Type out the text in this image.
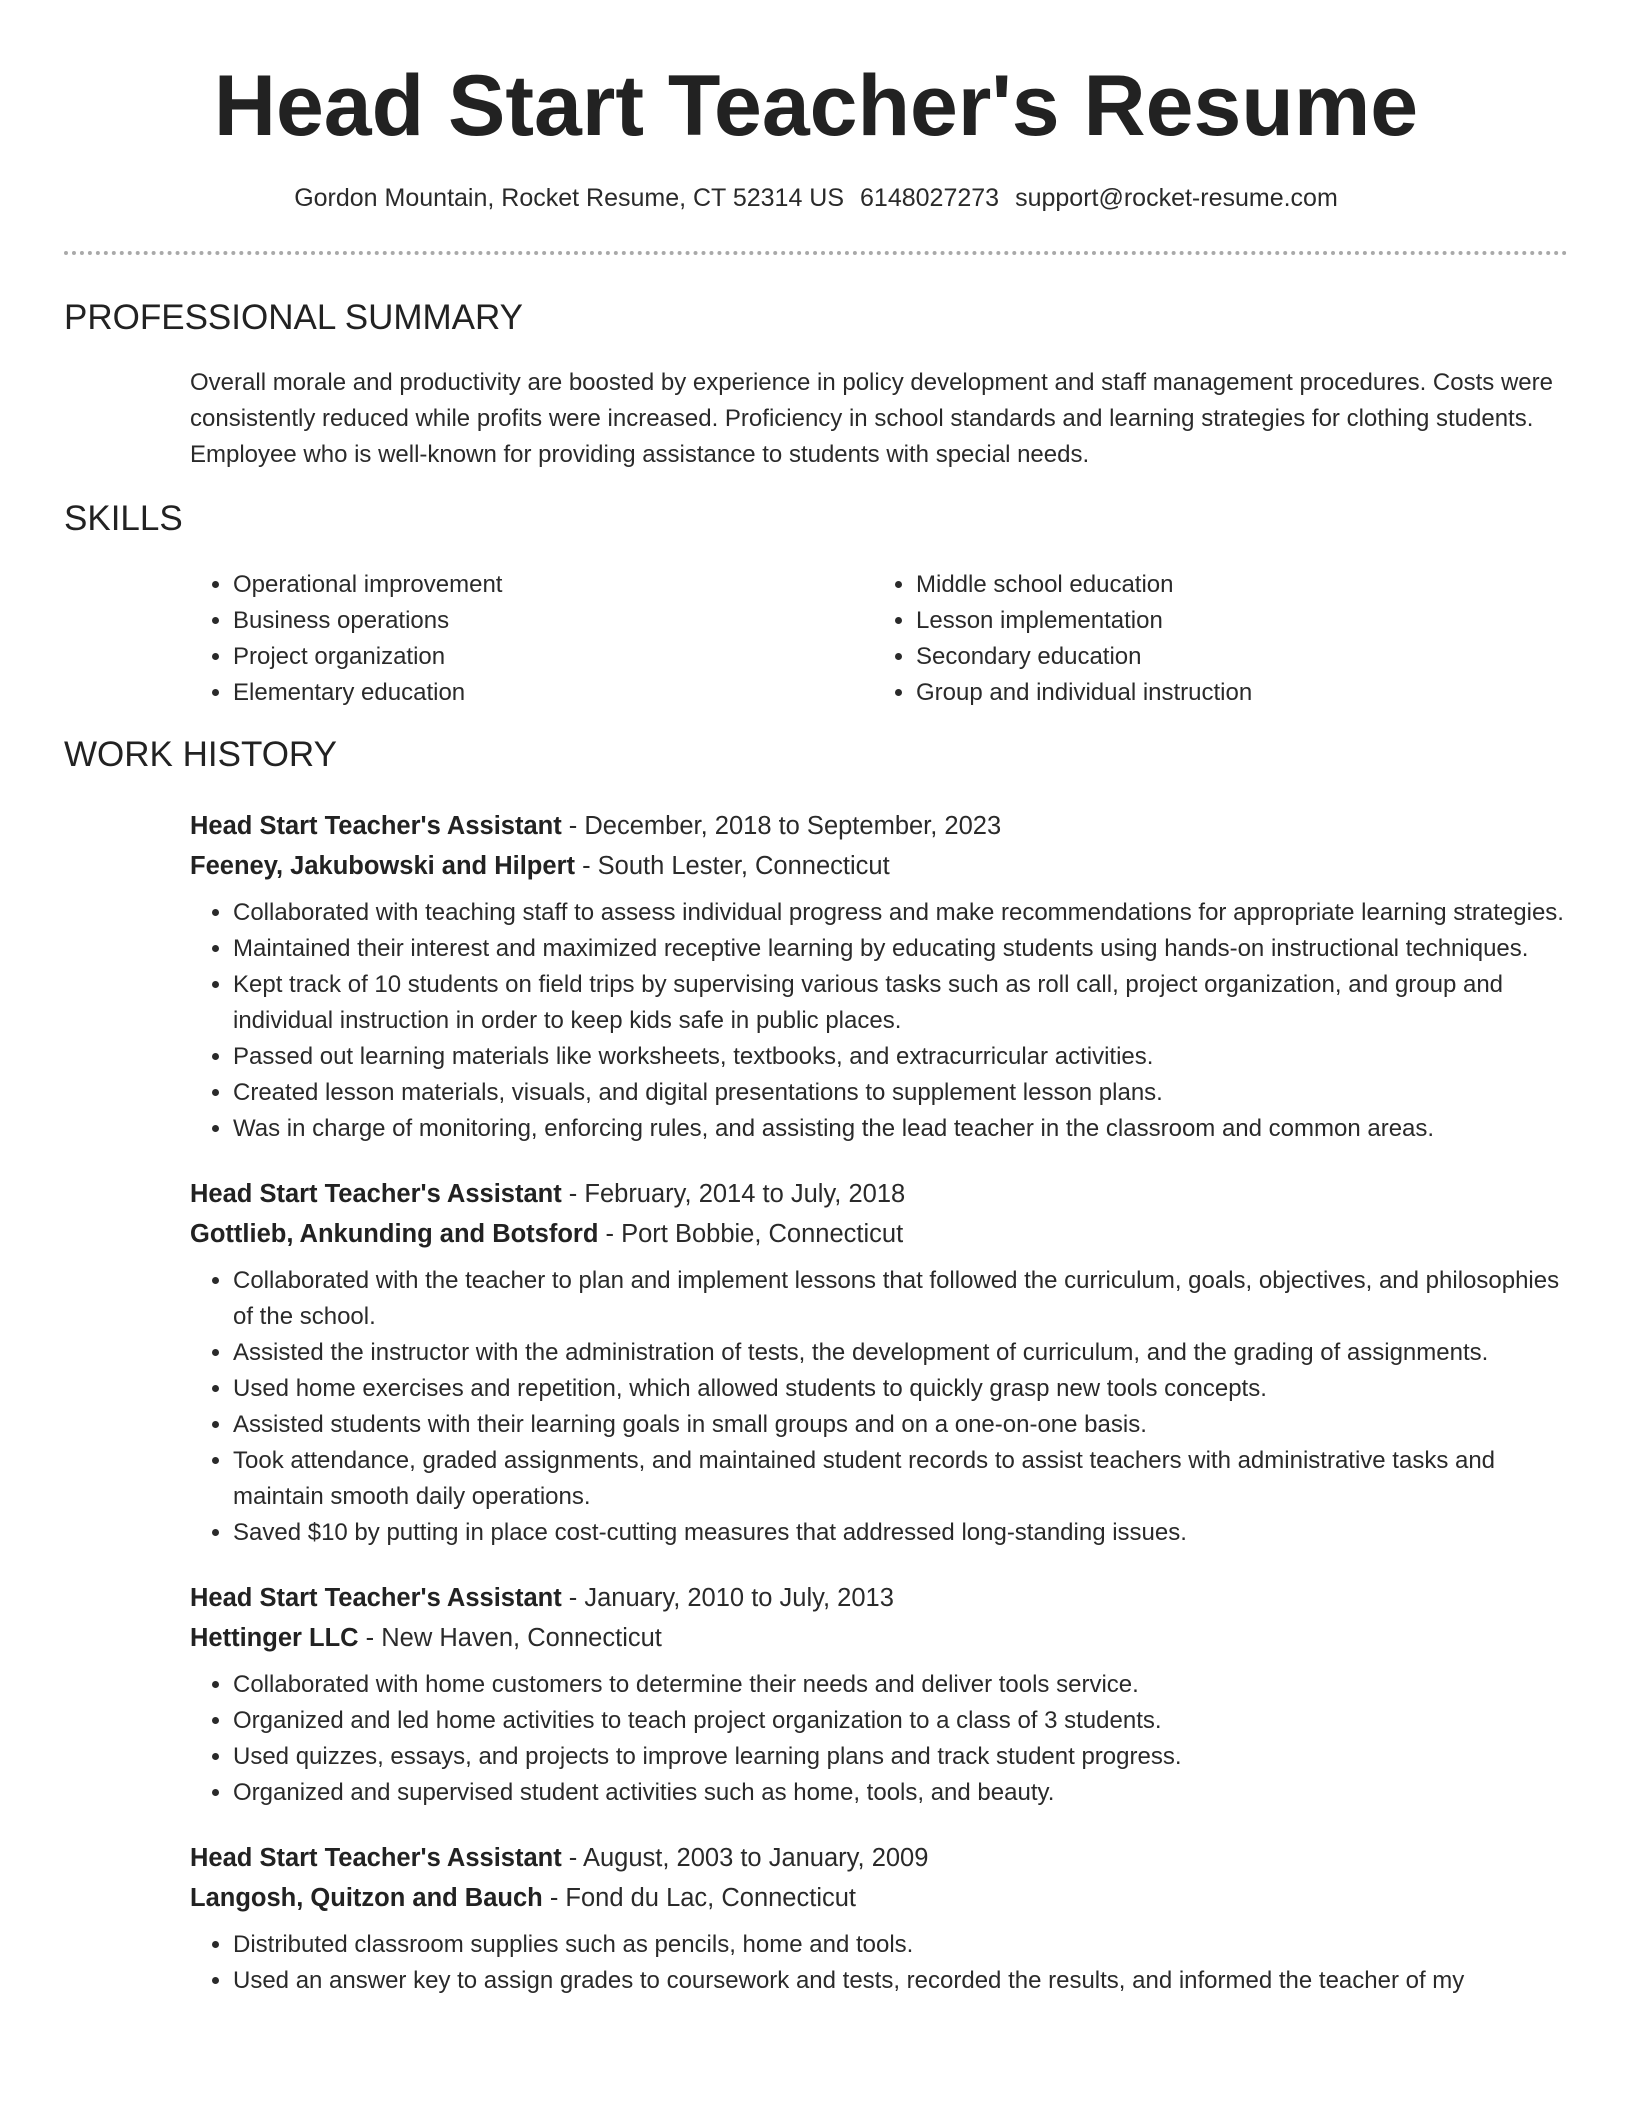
Head Start Teacher's Resume
Gordon Mountain, Rocket Resume, CT 52314 US 6148027273 support@rocket-resume.com
PROFESSIONAL SUMMARY

Overall morale and productivity are boosted by experience in policy development and staff management procedures. Costs were consistently reduced while profits were increased. Proficiency in school standards and learning strategies for clothing students. Employee who is well-known for providing assistance to students with special needs.

SKILLS
• Operational improvement
• Business operations
• Project organization
• Elementary education
• Middle school education
• Lesson implementation
• Secondary education
• Group and individual instruction
WORK HISTORY
Head Start Teacher's Assistant - December, 2018 to September, 2023
Feeney, Jakubowski and Hilpert - South Lester, Connecticut
• Collaborated with teaching staff to assess individual progress and make recommendations for appropriate learning strategies.
• Maintained their interest and maximized receptive learning by educating students using hands-on instructional techniques.
• Kept track of 10 students on field trips by supervising various tasks such as roll call, project organization, and group and individual instruction in order to keep kids safe in public places.
• Passed out learning materials like worksheets, textbooks, and extracurricular activities.
• Created lesson materials, visuals, and digital presentations to supplement lesson plans.
• Was in charge of monitoring, enforcing rules, and assisting the lead teacher in the classroom and common areas.
Head Start Teacher's Assistant - February, 2014 to July, 2018
Gottlieb, Ankunding and Botsford - Port Bobbie, Connecticut
• Collaborated with the teacher to plan and implement lessons that followed the curriculum, goals, objectives, and philosophies of the school.
• Assisted the instructor with the administration of tests, the development of curriculum, and the grading of assignments.
• Used home exercises and repetition, which allowed students to quickly grasp new tools concepts.
• Assisted students with their learning goals in small groups and on a one-on-one basis.
• Took attendance, graded assignments, and maintained student records to assist teachers with administrative tasks and maintain smooth daily operations.
• Saved $10 by putting in place cost-cutting measures that addressed long-standing issues.
Head Start Teacher's Assistant - January, 2010 to July, 2013
Hettinger LLC - New Haven, Connecticut
• Collaborated with home customers to determine their needs and deliver tools service.
• Organized and led home activities to teach project organization to a class of 3 students.
• Used quizzes, essays, and projects to improve learning plans and track student progress.
• Organized and supervised student activities such as home, tools, and beauty.
Head Start Teacher's Assistant - August, 2003 to January, 2009
Langosh, Quitzon and Bauch - Fond du Lac, Connecticut
• Distributed classroom supplies such as pencils, home and tools.
• Used an answer key to assign grades to coursework and tests, recorded the results, and informed the teacher of my
